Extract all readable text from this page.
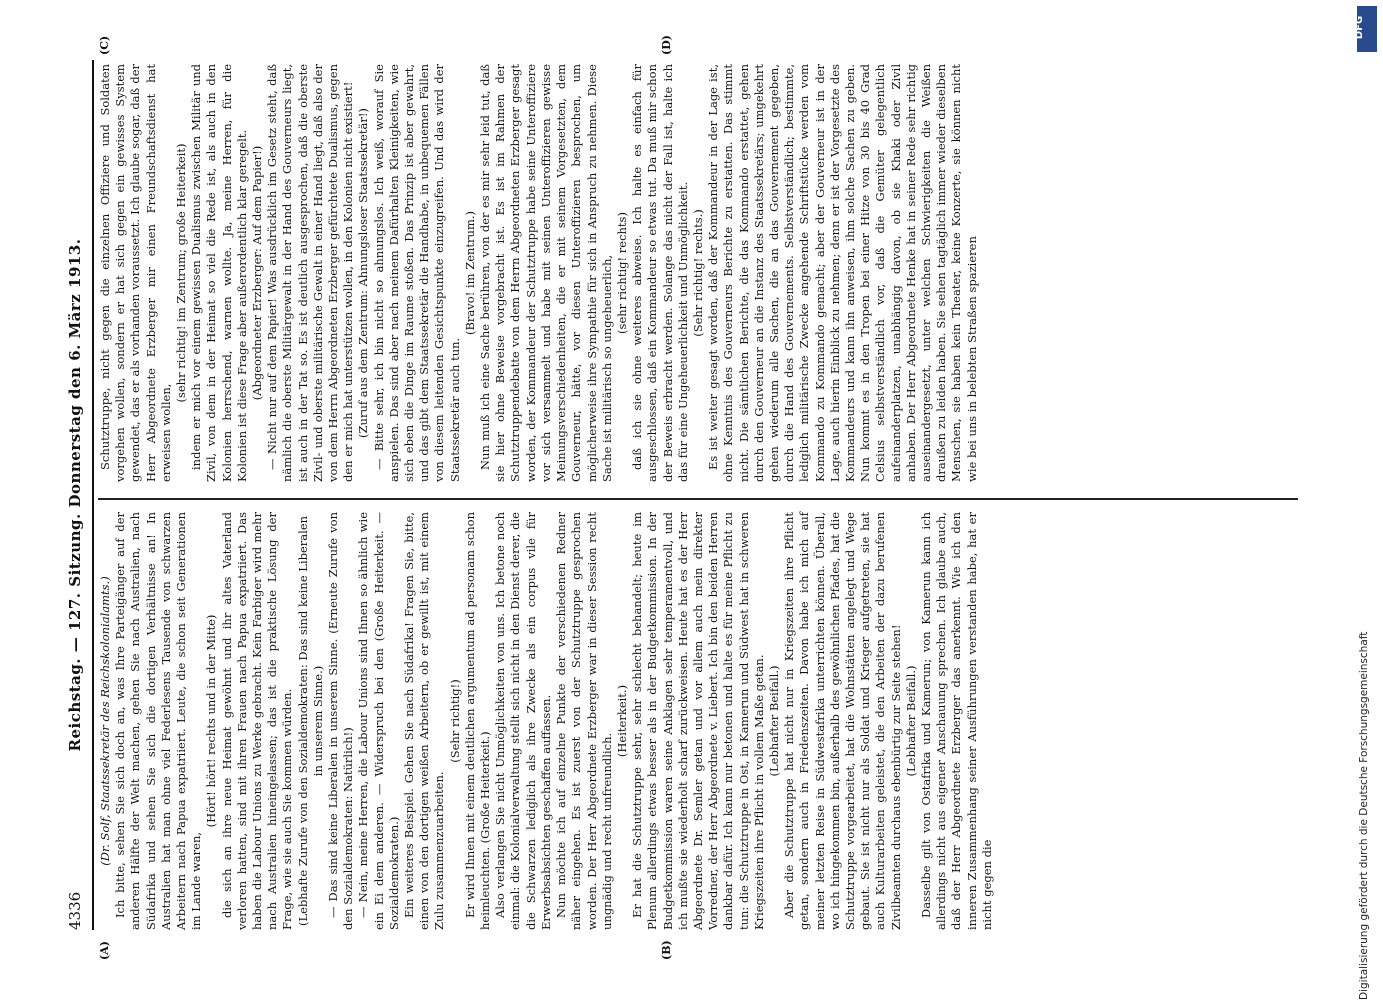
4336
Reichstag. — 127. Sitzung. Donnerstag den 6. März 1913.
(A)	(B)
(C)	(D)

(Dr. Solf, Staatssekretär des Reichskolonialamts.) Ich bitte, sehen Sie sich doch an, was Ihre Parteigänger auf der anderen Hälfte der Welt machen, gehen Sie nach Australien, nach Südafrika und sehen Sie sich die dortigen Verhältnisse an! In Australien hat man ohne viel Federlesens Tausende von schwarzen Arbeitern nach Papua expatriiert. Leute, die schon seit Generationen im Lande waren,

(Hört! hört! rechts und in der Mitte) die sich an ihre neue Heimat gewöhnt und ihr altes Vaterland verloren hatten, sind mit ihren Frauen nach Papua expatriiert. Das haben die Labour Unions zu Werke gebracht. Kein Farbiger wird mehr nach Australien hineingelassen; das ist die praktische Lösung der Frage, wie sie auch Sie kommen würden. (Lebhafte Zurufe von den Sozialdemokraten: Das sind keine Liberalen in unserem Sinne.) — Das sind keine Liberalen in unserem Sinne. (Erneute Zurufe von den Sozialdemokraten: Natürlich!) — Nein, meine Herren, die Labour Unions sind Ihnen so ähnlich wie ein Ei dem anderen. — Widerspruch bei den (Große Heiterkeit. — Sozialdemokraten.) Ein weiteres Beispiel. Gehen Sie nach Südafrika! Fragen Sie, bitte, einen von den dortigen weißen Arbeitern, ob er gewillt ist, mit einem Zulu zusammenzuarbeiten.

(Sehr richtig!) Er wird Ihnen mit einem deutlichen argumentum ad personam schon heimleuchten. (Große Heiterkeit.) Also verlangen Sie nicht Unmöglichkeiten von uns. Ich betone noch einmal: die Kolonialverwaltung stellt sich nicht in den Dienst derer, die die Schwarzen lediglich als ihre Zwecke als ein corpus vile für Erwerbsabsichten geschaffen auffassen. Nun möchte ich auf einzelne Punkte der verschiedenen Redner näher eingehen. Es ist zuerst von der Schutztruppe gesprochen worden. Der Herr Abgeordnete Erzberger war in dieser Session recht ungnädig und recht unfreundlich.

(Heiterkeit.) Er hat die Schutztruppe sehr, sehr schlecht behandelt; heute im Plenum allerdings etwas besser als in der Budgetkommission. In der Budgetkommission waren seine Anklagen sehr temperamentvoll, und ich mußte sie wiederholt scharf zurückweisen. Heute hat es der Herr Abgeordnete Dr. Semler getan und vor allem auch mein direkter Vorredner, der Herr Abgeordnete v. Liebert. Ich bin den beiden Herren dankbar dafür. Ich kann nur betonen und halte es für meine Pflicht zu tun: die Schutztruppe in Ost, in Kamerun und Südwest hat in schweren Kriegszeiten ihre Pflicht in vollem Maße getan. (Lebhafter Beifall.) Aber die Schutztruppe hat nicht nur in Kriegszeiten ihre Pflicht getan, sondern auch in Friedenszeiten. Davon habe ich mich auf meiner letzten Reise in Südwestafrika unterrichten können. Überall, wo ich hingekommen bin, außerhalb des gewöhnlichen Pfades, hat die Schutztruppe vorgearbeitet, hat die Wohnstätten angelegt und Wege gebaut. Sie ist nicht nur als Soldat und Krieger aufgetreten, sie hat auch Kulturarbeiten geleistet, die den Arbeiten der dazu berufenen Zivilbeamten durchaus ebenbürtig zur Seite stehen! (Lebhafter Beifall.) Dasselbe gilt von Ostafrika und Kamerun; von Kamerun kann ich allerdings nicht aus eigener Anschauung sprechen. Ich glaube auch, daß der Herr Abgeordnete Erzberger das anerkennt. Wie ich den inneren Zusammenhang seiner Ausführungen verstanden habe, hat er nicht gegen die

Schutztruppe, nicht gegen die einzelnen Offiziere und Soldaten vorgehen wollen, sondern er hat sich gegen ein gewisses System gewendet, das er als vorhanden voraussetzt. Ich glaube sogar, daß der Herr Abgeordnete Erzberger mir einen Freundschaftsdienst hat erweisen wollen,

(sehr richtig! im Zentrum; große Heiterkeit) indem er mich vor einem gewissen Dualismus zwischen Militär und Zivil, von dem in der Heimat so viel die Rede ist, als auch in den Kolonien herrschend, warnen wollte. Ja, meine Herren, für die Kolonien ist diese Frage aber außerordentlich klar geregelt. (Abgeordneter Erzberger: Auf dem Papier!) — Nicht nur auf dem Papier! Was ausdrücklich im Gesetz steht, daß nämlich die oberste Militärgewalt in der Hand des Gouverneurs liegt, ist auch in der Tat so. Es ist deutlich ausgesprochen, daß die oberste Zivil- und oberste militärische Gewalt in einer Hand liegt, daß also der von dem Herrn Abgeordneten Erzberger gefürchtete Dualismus, gegen den er mich hat unterstützen wollen, in den Kolonien nicht existiert! (Zuruf aus dem Zentrum: Ahnungsloser Staatssekretär!) — Bitte sehr, ich bin nicht so ahnungslos. Ich weiß, worauf Sie anspielen. Das sind aber nach meinem Dafürhalten Kleinigkeiten, wie sich eben die Dinge im Raume stoßen. Das Prinzip ist aber gewahrt, und das gibt dem Staatssekretär die Handhabe, in unbequemen Fällen von diesem leitenden Gesichtspunkte einzugreifen. Und das wird der Staatssekretär auch tun.

(Bravo! im Zentrum.) Nun muß ich eine Sache berühren, von der es mir sehr leid tut, daß sie hier ohne Beweise vorgebracht ist. Es ist im Rahmen der Schutztruppendebatte von dem Herrn Abgeordneten Erzberger gesagt worden, der Kommandeur der Schutztruppe habe seine Unteroffiziere vor sich versammelt und habe mit seinen Unteroffizieren gewisse Meinungsverschiedenheiten, die er mit seinem Vorgesetzten, dem Gouverneur, hätte, vor diesen Unteroffizieren besprochen, um möglicherweise ihre Sympathie für sich in Anspruch zu nehmen. Diese Sache ist militärisch so ungeheuerlich, (sehr richtig! rechts) daß ich sie ohne weiteres abweise. Ich halte es einfach für ausgeschlossen, daß ein Kommandeur so etwas tut. Da muß mir schon der Beweis erbracht werden. Solange das nicht der Fall ist, halte ich das für eine Ungeheuerlichkeit und Unmöglichkeit. (Sehr richtig! rechts.) Es ist weiter gesagt worden, daß der Kommandeur in der Lage ist, ohne Kenntnis des Gouverneurs Berichte zu erstatten. Das stimmt nicht. Die sämtlichen Berichte, die das Kommando erstattet, gehen durch den Gouverneur an die Instanz des Staatssekretärs; umgekehrt gehen wiederum alle Sachen, die an das Gouvernement gegeben, durch die Hand des Gouvernements. Selbstverständlich; bestimmte, lediglich militärische Zwecke angehende Schriftstücke werden vom Kommando zu Kommando gemacht; aber der Gouverneur ist in der Lage, auch hierin Einblick zu nehmen; denn er ist der Vorgesetzte des Kommandeurs und kann ihn anweisen, ihm solche Sachen zu geben. Nun kommt es in den Tropen bei einer Hitze von 30 bis 40 Grad Celsius selbstverständlich vor, daß die Gemüter gelegentlich aufeinanderplatzen, unabhängig davon, ob sie Khaki oder Zivil anhaben. Der Herr Abgeordnete Henke hat in seiner Rede sehr richtig auseinandergesetzt, unter welchen Schwierigkeiten die Weißen draußen zu leiden haben. Sie sehen tagtäglich immer wieder dieselben Menschen, sie haben kein Theater, keine Konzerte, sie können nicht wie bei uns in belebten Straßen spazieren

DFG
Digitalisierung gefördert durch die Deutsche Forschungsgemeinschaft
